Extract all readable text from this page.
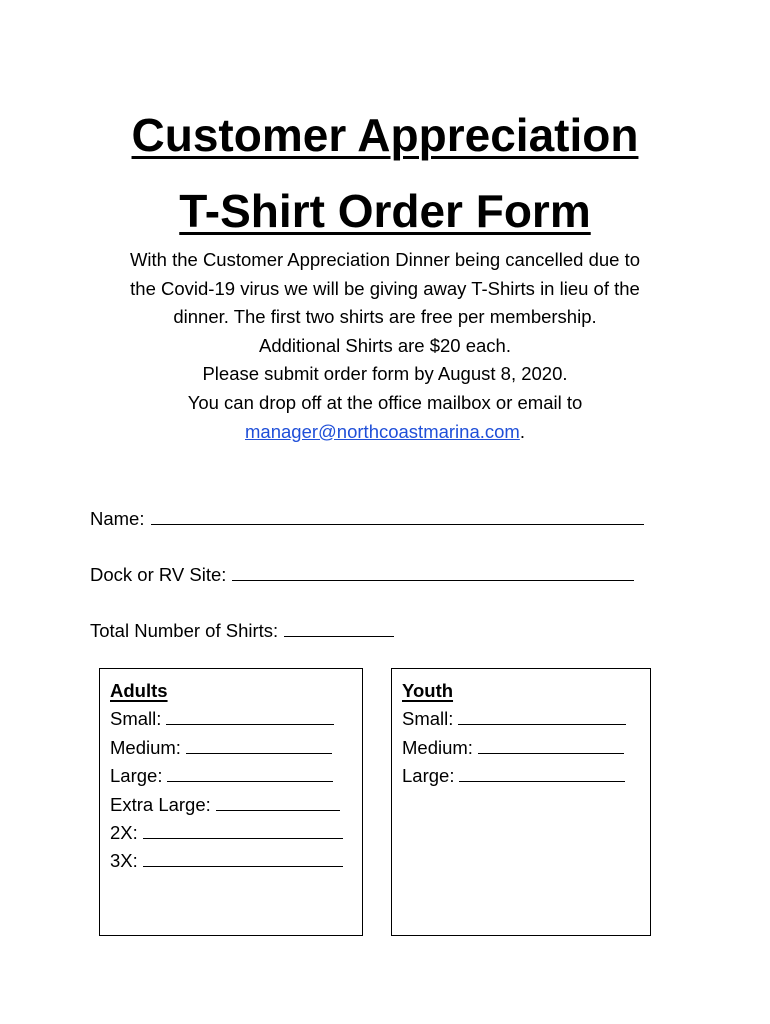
Customer Appreciation
T-Shirt Order Form
With the Customer Appreciation Dinner being cancelled due to
the Covid-19 virus we will be giving away T-Shirts in lieu of the
dinner. The first two shirts are free per membership.
Additional Shirts are $20 each.
Please submit order form by August 8, 2020.
You can drop off at the office mailbox or email to
manager@northcoastmarina.com.
Name:
Dock or RV Site:
Total Number of Shirts:
Adults
Small:
Medium:
Large:
Extra Large:
2X:
3X:
Youth
Small:
Medium:
Large:
